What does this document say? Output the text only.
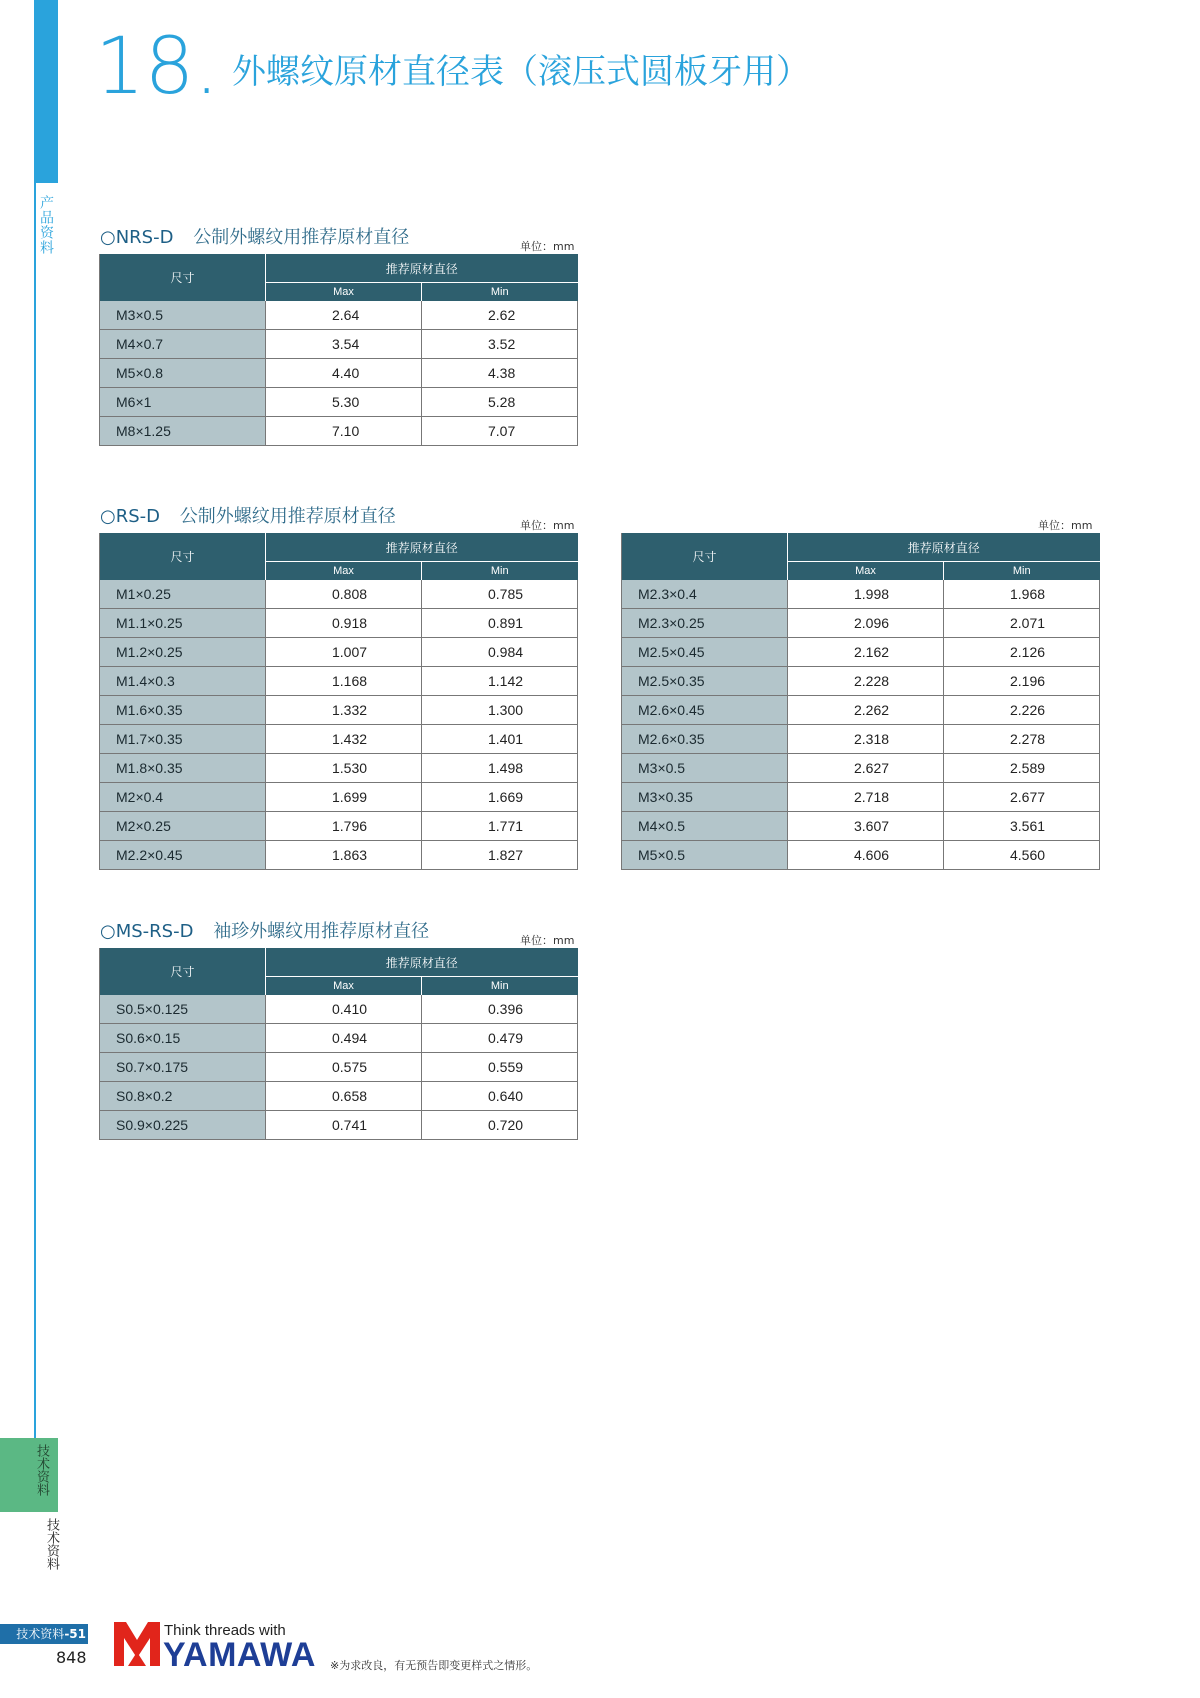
产品资料
技术资料
技术资料
18. 外螺纹原材直径表（滚压式圆板牙用）
○NRS-D 公制外螺纹用推荐原材直径	单位：mm
尺寸	推荐原材直径	
	Max	Min
M3×0.5	2.64	2.62
M4×0.7	3.54	3.52
M5×0.8	4.40	4.38
M6×1	5.30	5.28
M8×1.25	7.10	7.07
○RS-D 公制外螺纹用推荐原材直径	单位：mm
尺寸	推荐原材直径	
	Max	Min
M1×0.25	0.808	0.785
M1.1×0.25	0.918	0.891
M1.2×0.25	1.007	0.984
M1.4×0.3	1.168	1.142
M1.6×0.35	1.332	1.300
M1.7×0.35	1.432	1.401
M1.8×0.35	1.530	1.498
M2×0.4	1.699	1.669
M2×0.25	1.796	1.771
M2.2×0.45	1.863	1.827
单位：mm
尺寸	推荐原材直径	
	Max	Min
M2.3×0.4	1.998	1.968
M2.3×0.25	2.096	2.071
M2.5×0.45	2.162	2.126
M2.5×0.35	2.228	2.196
M2.6×0.45	2.262	2.226
M2.6×0.35	2.318	2.278
M3×0.5	2.627	2.589
M3×0.35	2.718	2.677
M4×0.5	3.607	3.561
M5×0.5	4.606	4.560
○MS-RS-D 袖珍外螺纹用推荐原材直径	单位：mm
尺寸	推荐原材直径	
	Max	Min
S0.5×0.125	0.410	0.396
S0.6×0.15	0.494	0.479
S0.7×0.175	0.575	0.559
S0.8×0.2	0.658	0.640
S0.9×0.225	0.741	0.720
技术资料-51
848
Think threads with
YAMAWA ※为求改良，有无预告即变更样式之情形。
